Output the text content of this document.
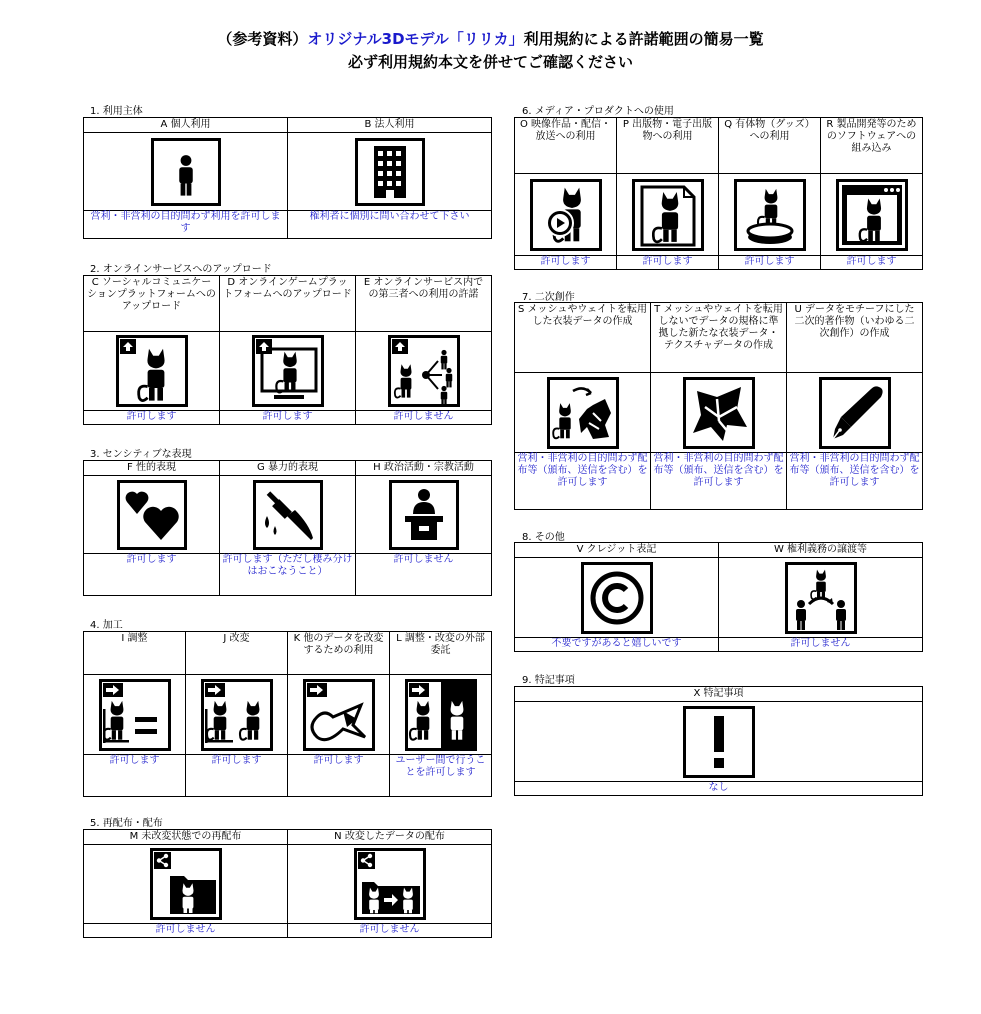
（参考資料）オリジナル3Dモデル「リリカ」利用規約による許諾範囲の簡易一覧
必ず利用規約本文を併せてご確認ください
1. 利用主体
A 個人利用	B 法人利用

営利・非営利の目的問わず利用を許可します	権利者に個別に問い合わせて下さい
2. オンラインサービスへのアップロード
C ソーシャルコミュニケーションプラットフォームへのアップロード	D オンラインゲームプラットフォームへのアップロード	E オンラインサービス内での第三者への利用の許諾

許可します	許可します	許可しません
3. センシティブな表現
F 性的表現	G 暴力的表現	H 政治活動・宗教活動

許可します	許可します（ただし棲み分けはおこなうこと）	許可しません
4. 加工
I 調整	J 改変	K 他のデータを改変するための利用	L 調整・改変の外部委託

許可します	許可します	許可します	ユーザー間で行うことを許可します
5. 再配布・配布
M 未改変状態での再配布	N 改変したデータの配布

許可しません	許可しません
6. メディア・プロダクトへの使用
O 映像作品・配信・放送への利用	P 出版物・電子出版物への利用	Q 有体物（グッズ）への利用	R 製品開発等のためのソフトウェアへの組み込み

許可します	許可します	許可します	許可します
7. 二次創作
S メッシュやウェイトを転用した衣装データの作成	T メッシュやウェイトを転用しないでデータの規格に準拠した新たな衣装データ・テクスチャデータの作成	U データをモチーフにした二次的著作物（いわゆる二次創作）の作成

営利・非営利の目的問わず配布等（頒布、送信を含む）を許可します	営利・非営利の目的問わず配布等（頒布、送信を含む）を許可します	営利・非営利の目的問わず配布等（頒布、送信を含む）を許可します
8. その他
V クレジット表記	W 権利義務の譲渡等

不要ですがあると嬉しいです	許可しません
9. 特記事項
X 特記事項

なし
